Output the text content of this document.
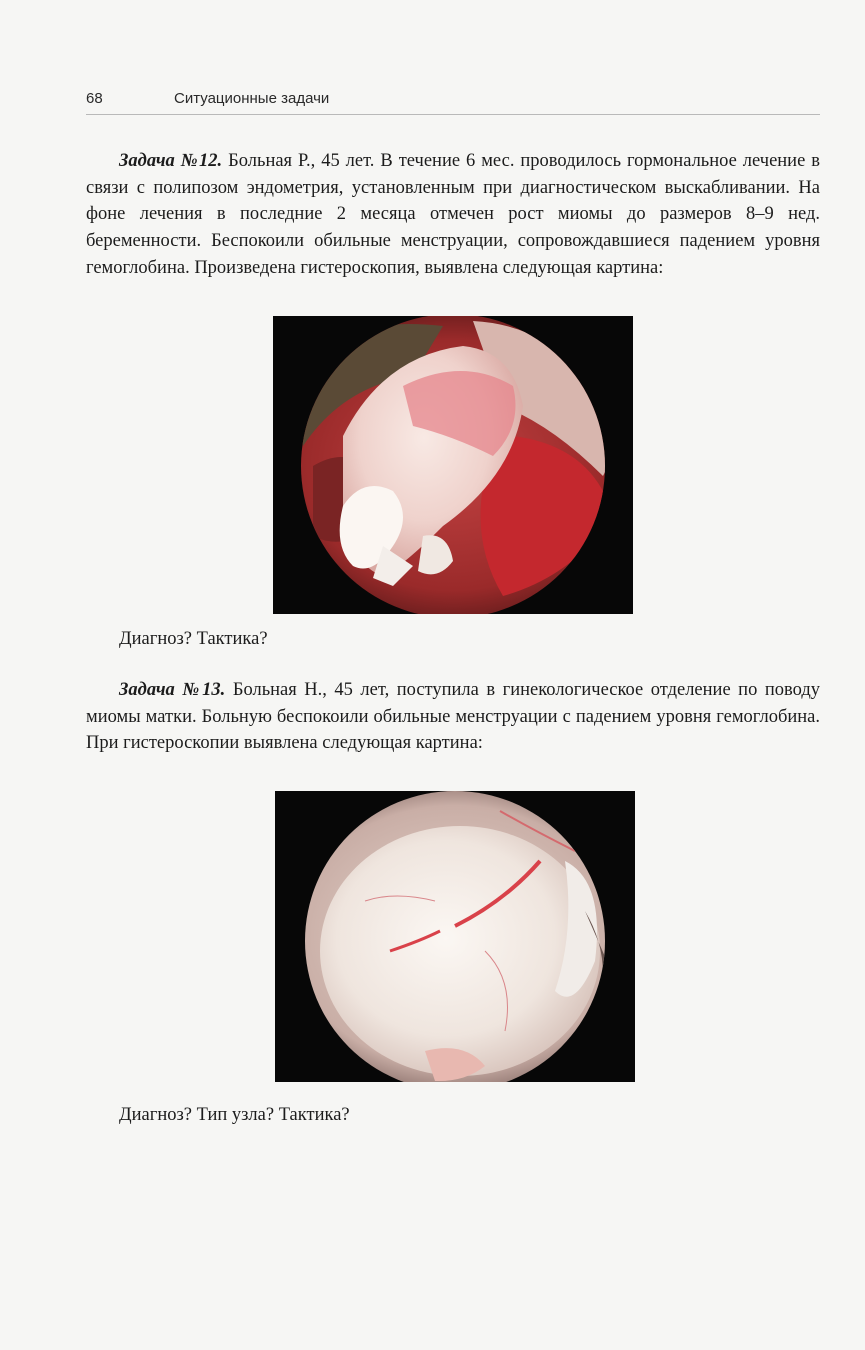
68	Ситуационные задачи

Задача №12. Больная Р., 45 лет. В течение 6 мес. проводилось гормональное лечение в связи с полипозом эндометрия, установленным при диагностическом выскабливании. На фоне лечения в последние 2 месяца отмечен рост миомы до размеров 8–9 нед. беременности. Беспокоили обильные менструации, сопровождавшиеся падением уровня гемоглобина. Произведена гистероскопия, выявлена следующая картина:

Диагноз? Тактика?

Задача №13. Больная Н., 45 лет, поступила в гинекологическое отделение по поводу миомы матки. Больную беспокоили обильные менструации с падением уровня гемоглобина. При гистероскопии выявлена следующая картина:

Диагноз? Тип узла? Тактика?
